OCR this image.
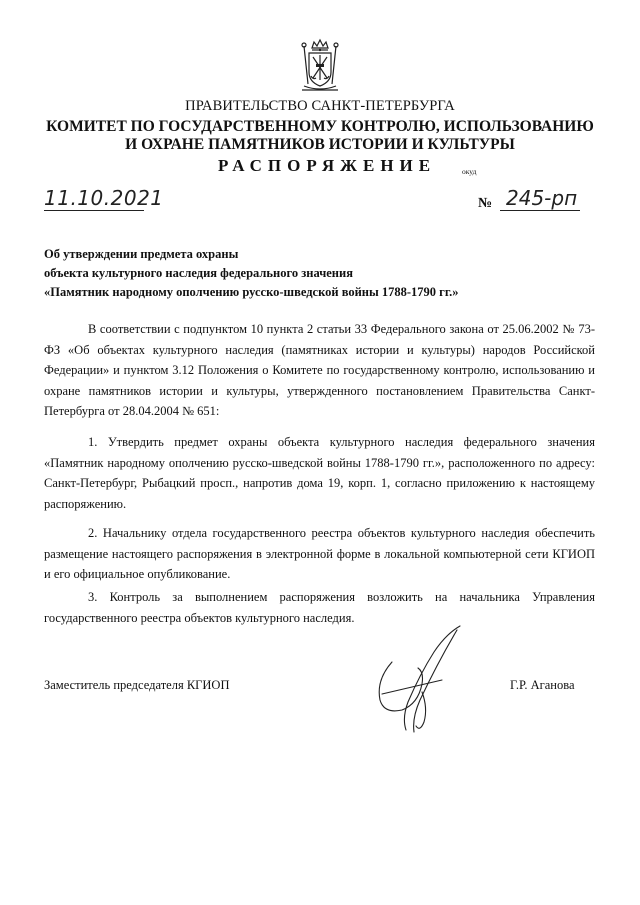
ПРАВИТЕЛЬСТВО САНКТ-ПЕТЕРБУРГА
КОМИТЕТ ПО ГОСУДАРСТВЕННОМУ КОНТРОЛЮ, ИСПОЛЬЗОВАНИЮ
И ОХРАНЕ ПАМЯТНИКОВ ИСТОРИИ И КУЛЬТУРЫ
РАСПОРЯЖЕНИЕ	окуд
11.10.2021	№ 245-рп
Об утверждении предмета охраны
объекта культурного наследия федерального значения
«Памятник народному ополчению русско-шведской войны 1788-1790 гг.»

В соответствии с подпунктом 10 пункта 2 статьи 33 Федерального закона от 25.06.2002 № 73-ФЗ «Об объектах культурного наследия (памятниках истории и культуры) народов Российской Федерации» и пунктом 3.12 Положения о Комитете по государственному контролю, использованию и охране памятников истории и культуры, утвержденного постановлением Правительства Санкт-Петербурга от 28.04.2004 № 651:

1. Утвердить предмет охраны объекта культурного наследия федерального значения «Памятник народному ополчению русско-шведской войны 1788-1790 гг.», расположенного по адресу: Санкт-Петербург, Рыбацкий просп., напротив дома 19, корп. 1, согласно приложению к настоящему распоряжению.

2. Начальнику отдела государственного реестра объектов культурного наследия обеспечить размещение настоящего распоряжения в электронной форме в локальной компьютерной сети КГИОП и его официальное опубликование.

3. Контроль за выполнением распоряжения возложить на начальника Управления государственного реестра объектов культурного наследия.

Заместитель председателя КГИОП	Г.Р. Аганова
